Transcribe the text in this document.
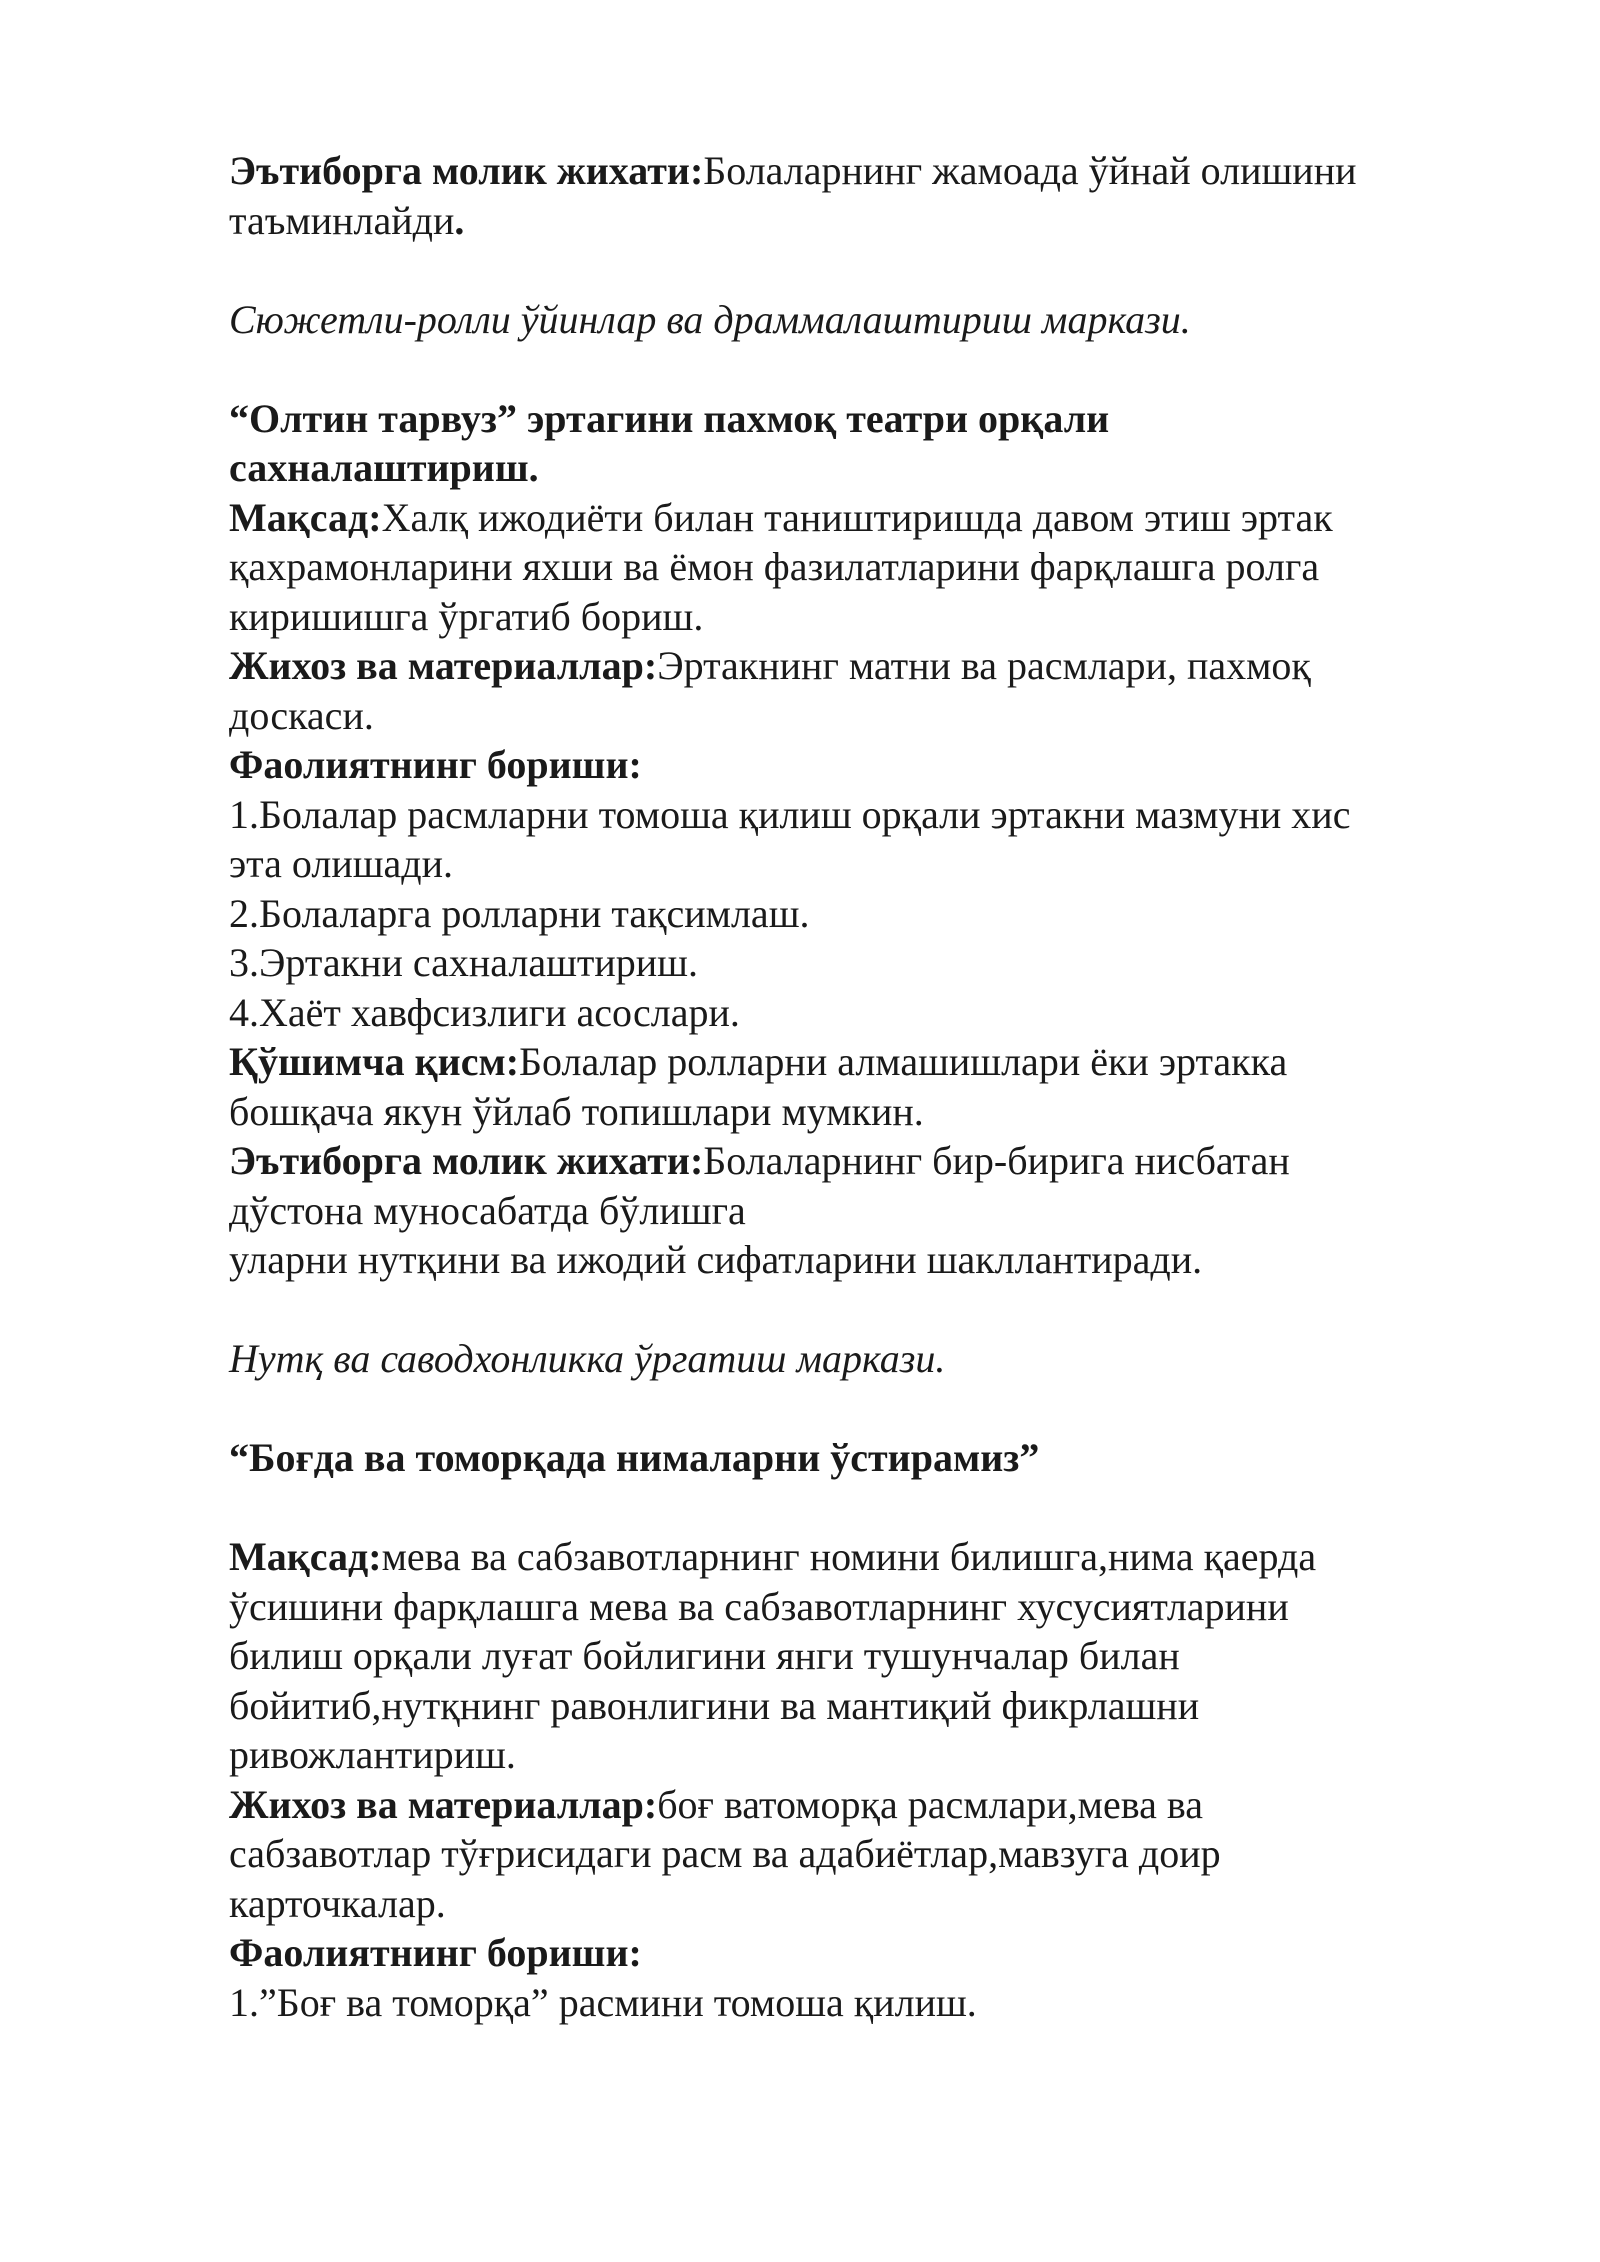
Эътиборга молик жихати:Болаларнинг жамоада ўйнай олишини
таъминлайди.
Сюжетли-ролли ўйинлар ва драммалаштириш маркази.
“Олтин тарвуз” эртагини пахмоқ театри орқали
сахналаштириш.
Мақсад:Халқ ижодиёти билан таништиришда давом этиш эртак
қахрамонларини яхши ва ёмон фазилатларини фарқлашга ролга
киришишга ўргатиб бориш.
Жихоз ва материаллар:Эртакнинг матни ва расмлари, пахмоқ
доскаси.
Фаолиятнинг бориши:
1.Болалар расмларни томоша қилиш орқали эртакни мазмуни хис
эта олишади.
2.Болаларга ролларни тақсимлаш.
3.Эртакни сахналаштириш.
4.Хаёт хавфсизлиги асослари.
Қўшимча қисм:Болалар ролларни алмашишлари ёки эртакка
бошқача якун ўйлаб топишлари мумкин.
Эътиборга молик жихати:Болаларнинг бир-бирига нисбатан
дўстона муносабатда бўлишга
уларни нутқини ва ижодий сифатларини шакллантиради.
Нутқ ва саводхонликка ўргатиш маркази.
“Боғда ва томорқада нималарни ўстирамиз”
Мақсад:мева ва сабзавотларнинг номини билишга,нима қаерда
ўсишини фарқлашга мева ва сабзавотларнинг хусусиятларини
билиш орқали луғат бойлигини янги тушунчалар билан
бойитиб,нутқнинг равонлигини ва мантиқий фикрлашни
ривожлантириш.
Жихоз ва материаллар:боғ ватоморқа расмлари,мева ва
сабзавотлар тўғрисидаги расм ва адабиётлар,мавзуга доир
карточкалар.
Фаолиятнинг бориши:
1.”Боғ ва томорқа” расмини томоша қилиш.
